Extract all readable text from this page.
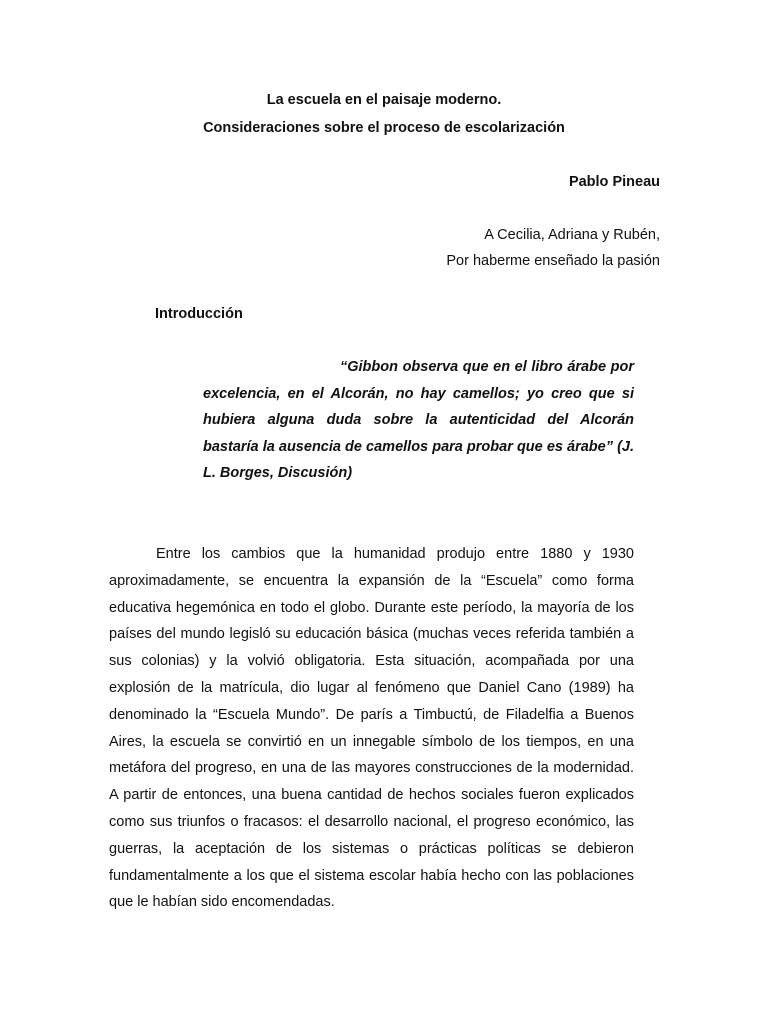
La escuela en el paisaje moderno.
Consideraciones sobre el proceso de escolarización
Pablo Pineau
A Cecilia, Adriana y Rubén,
Por haberme enseñado la pasión
Introducción
“Gibbon observa que en el libro árabe por excelencia, en el Alcorán, no hay camellos; yo creo que si hubiera alguna duda sobre la autenticidad del Alcorán bastaría la ausencia de camellos para probar que es árabe” (J. L. Borges, Discusión)
Entre los cambios que la humanidad produjo entre 1880 y 1930 aproximadamente, se encuentra la expansión de la “Escuela” como forma educativa hegemónica en todo el globo. Durante este período, la mayoría de los países del mundo legisló su educación básica (muchas veces referida también a sus colonias) y la volvió obligatoria. Esta situación, acompañada por una explosión de la matrícula, dio lugar al fenómeno que Daniel Cano (1989) ha denominado la “Escuela Mundo”. De parís a Timbuctú, de Filadelfia a Buenos Aires, la escuela se convirtió en un innegable símbolo de los tiempos, en una metáfora del progreso, en una de las mayores construcciones de la modernidad. A partir de entonces, una buena cantidad de hechos sociales fueron explicados como sus triunfos o fracasos: el desarrollo nacional, el progreso económico, las guerras, la aceptación de los sistemas o prácticas políticas se debieron fundamentalmente a los que el sistema escolar había hecho con las poblaciones que le habían sido encomendadas.
